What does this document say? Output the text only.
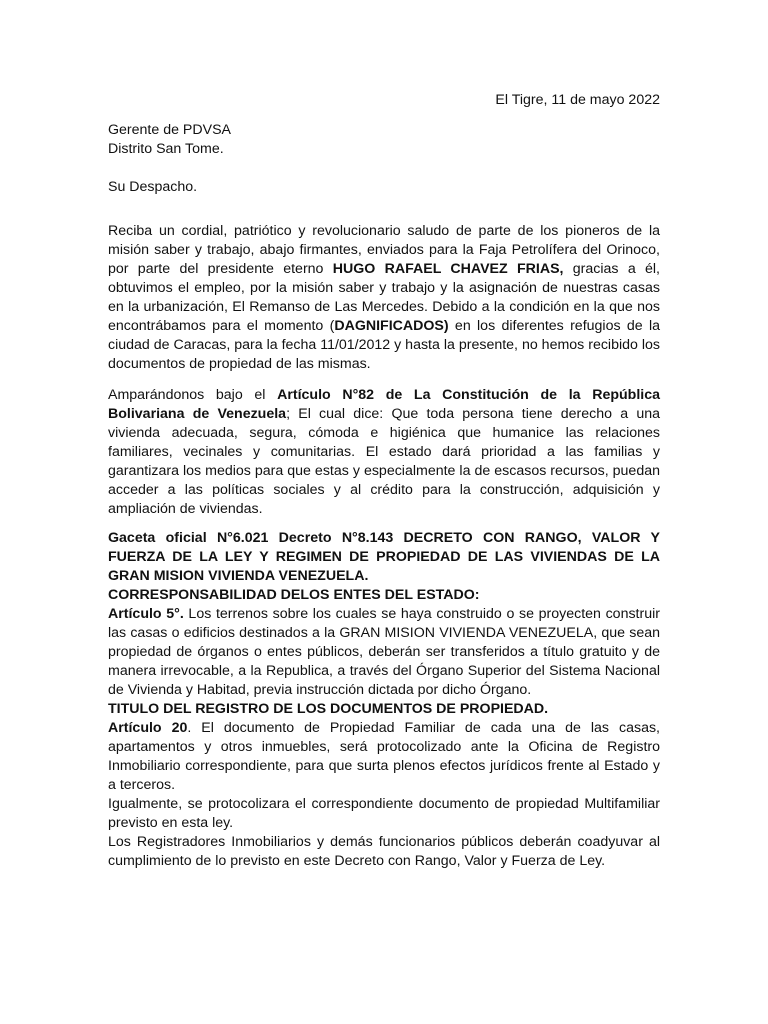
El Tigre, 11 de mayo 2022

Gerente de PDVSA

Distrito San Tome.

Su Despacho.

Reciba un cordial, patriótico y revolucionario saludo de parte de los pioneros de la misión saber y trabajo, abajo firmantes, enviados para la Faja Petrolífera del Orinoco, por parte del presidente eterno HUGO RAFAEL CHAVEZ FRIAS, gracias a él, obtuvimos el empleo, por la misión saber y trabajo y la asignación de nuestras casas en la urbanización, El Remanso de Las Mercedes. Debido a la condición en la que nos encontrábamos para el momento (DAGNIFICADOS) en los diferentes refugios de la ciudad de Caracas, para la fecha 11/01/2012 y hasta la presente, no hemos recibido los documentos de propiedad de las mismas.

Amparándonos bajo el Artículo N°82 de La Constitución de la República Bolivariana de Venezuela; El cual dice: Que toda persona tiene derecho a una vivienda adecuada, segura, cómoda e higiénica que humanice las relaciones familiares, vecinales y comunitarias. El estado dará prioridad a las familias y garantizara los medios para que estas y especialmente la de escasos recursos, puedan acceder a las políticas sociales y al crédito para la construcción, adquisición y ampliación de viviendas.

Gaceta oficial N°6.021 Decreto N°8.143 DECRETO CON RANGO, VALOR Y FUERZA DE LA LEY Y REGIMEN DE PROPIEDAD DE LAS VIVIENDAS DE LA GRAN MISION VIVIENDA VENEZUELA.

CORRESPONSABILIDAD DELOS ENTES DEL ESTADO:

Artículo 5°. Los terrenos sobre los cuales se haya construido o se proyecten construir las casas o edificios destinados a la GRAN MISION VIVIENDA VENEZUELA, que sean propiedad de órganos o entes públicos, deberán ser transferidos a título gratuito y de manera irrevocable, a la Republica, a través del Órgano Superior del Sistema Nacional de Vivienda y Habitad, previa instrucción dictada por dicho Órgano.

TITULO DEL REGISTRO DE LOS DOCUMENTOS DE PROPIEDAD.

Artículo 20. El documento de Propiedad Familiar de cada una de las casas, apartamentos y otros inmuebles, será protocolizado ante la Oficina de Registro Inmobiliario correspondiente, para que surta plenos efectos jurídicos frente al Estado y a terceros.

Igualmente, se protocolizara el correspondiente documento de propiedad Multifamiliar previsto en esta ley.

Los Registradores Inmobiliarios y demás funcionarios públicos deberán coadyuvar al cumplimiento de lo previsto en este Decreto con Rango, Valor y Fuerza de Ley.
